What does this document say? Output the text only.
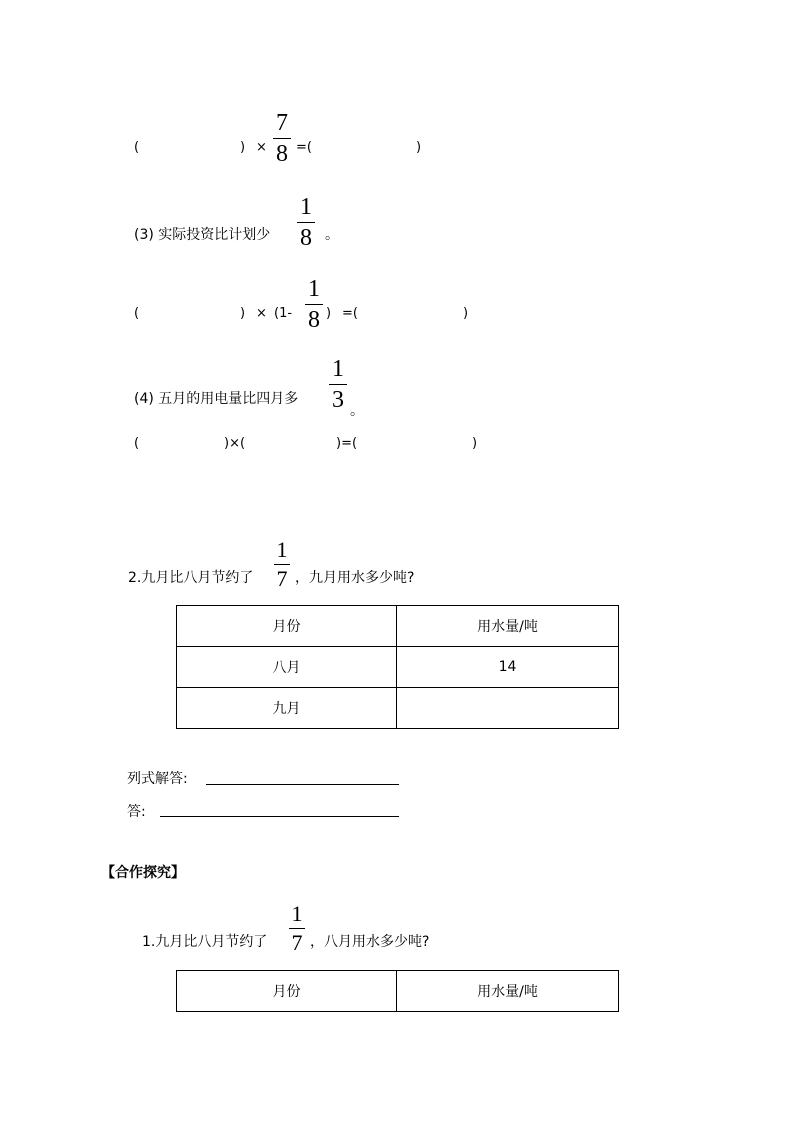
(	) ×
7
8 =(	)
(3) 实际投资比计划少
1
8 。
(	) × (1-
1
8 ) =(	)
(4) 五月的用电量比四月多
1
3 。
(	)×(	)=(	)
2.九月比八月节约了
1
7 ，九月用水多少吨?
月份	用水量/吨
八月	14
九月	
列式解答:
答:
【合作探究】
1.九月比八月节约了
1
7 ，八月用水多少吨?
月份	用水量/吨
